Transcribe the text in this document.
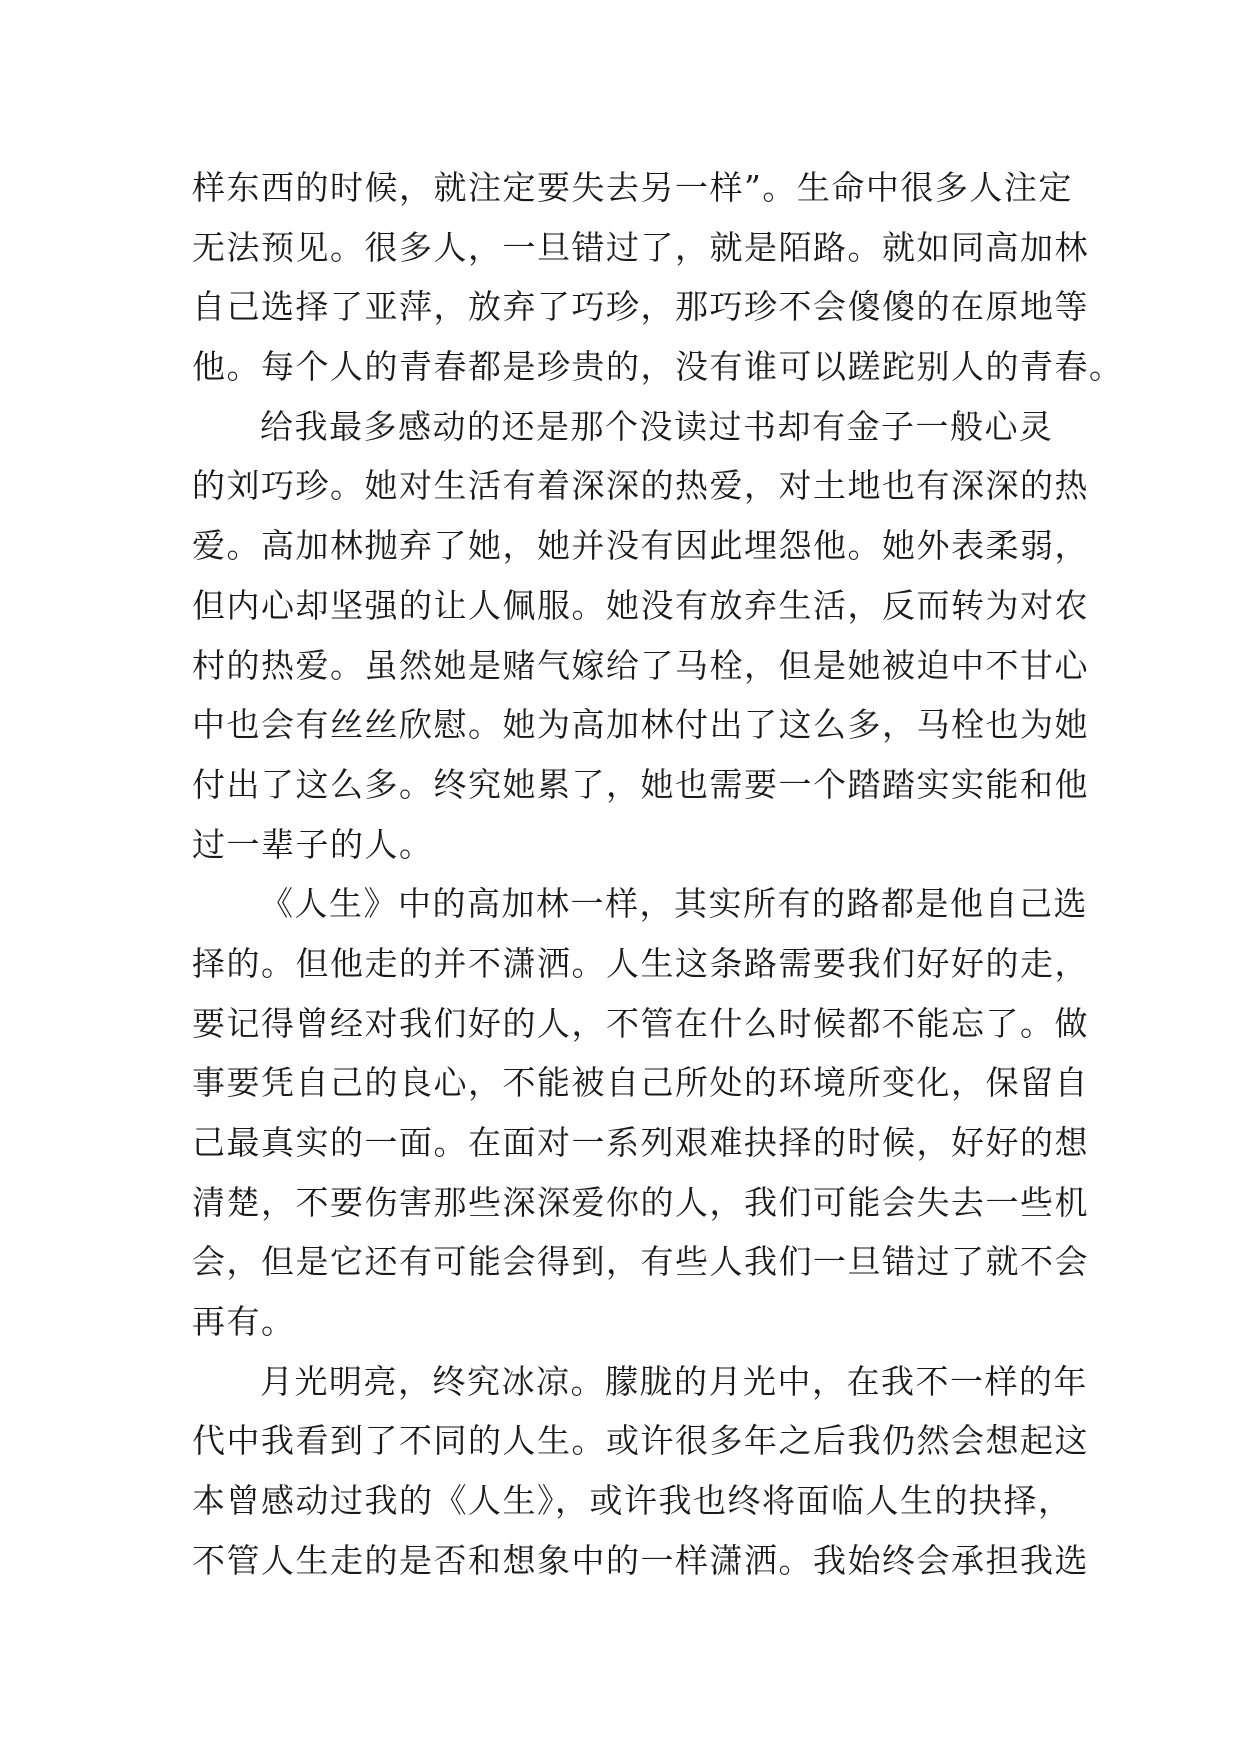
样东西的时候，就注定要失去另一样”。生命中很多人注定
无法预见。很多人，一旦错过了，就是陌路。就如同高加林
自己选择了亚萍，放弃了巧珍，那巧珍不会傻傻的在原地等
他。每个人的青春都是珍贵的，没有谁可以蹉跎别人的青春。
给我最多感动的还是那个没读过书却有金子一般心灵
的刘巧珍。她对生活有着深深的热爱，对土地也有深深的热
爱。高加林抛弃了她，她并没有因此埋怨他。她外表柔弱，
但内心却坚强的让人佩服。她没有放弃生活，反而转为对农
村的热爱。虽然她是赌气嫁给了马栓，但是她被迫中不甘心
中也会有丝丝欣慰。她为高加林付出了这么多，马栓也为她
付出了这么多。终究她累了，她也需要一个踏踏实实能和他
过一辈子的人。
《人生》中的高加林一样，其实所有的路都是他自己选
择的。但他走的并不潇洒。人生这条路需要我们好好的走，
要记得曾经对我们好的人，不管在什么时候都不能忘了。做
事要凭自己的良心，不能被自己所处的环境所变化，保留自
己最真实的一面。在面对一系列艰难抉择的时候，好好的想
清楚，不要伤害那些深深爱你的人，我们可能会失去一些机
会，但是它还有可能会得到，有些人我们一旦错过了就不会
再有。
月光明亮，终究冰凉。朦胧的月光中，在我不一样的年
代中我看到了不同的人生。或许很多年之后我仍然会想起这
本曾感动过我的《人生》，或许我也终将面临人生的抉择，
不管人生走的是否和想象中的一样潇洒。我始终会承担我选
